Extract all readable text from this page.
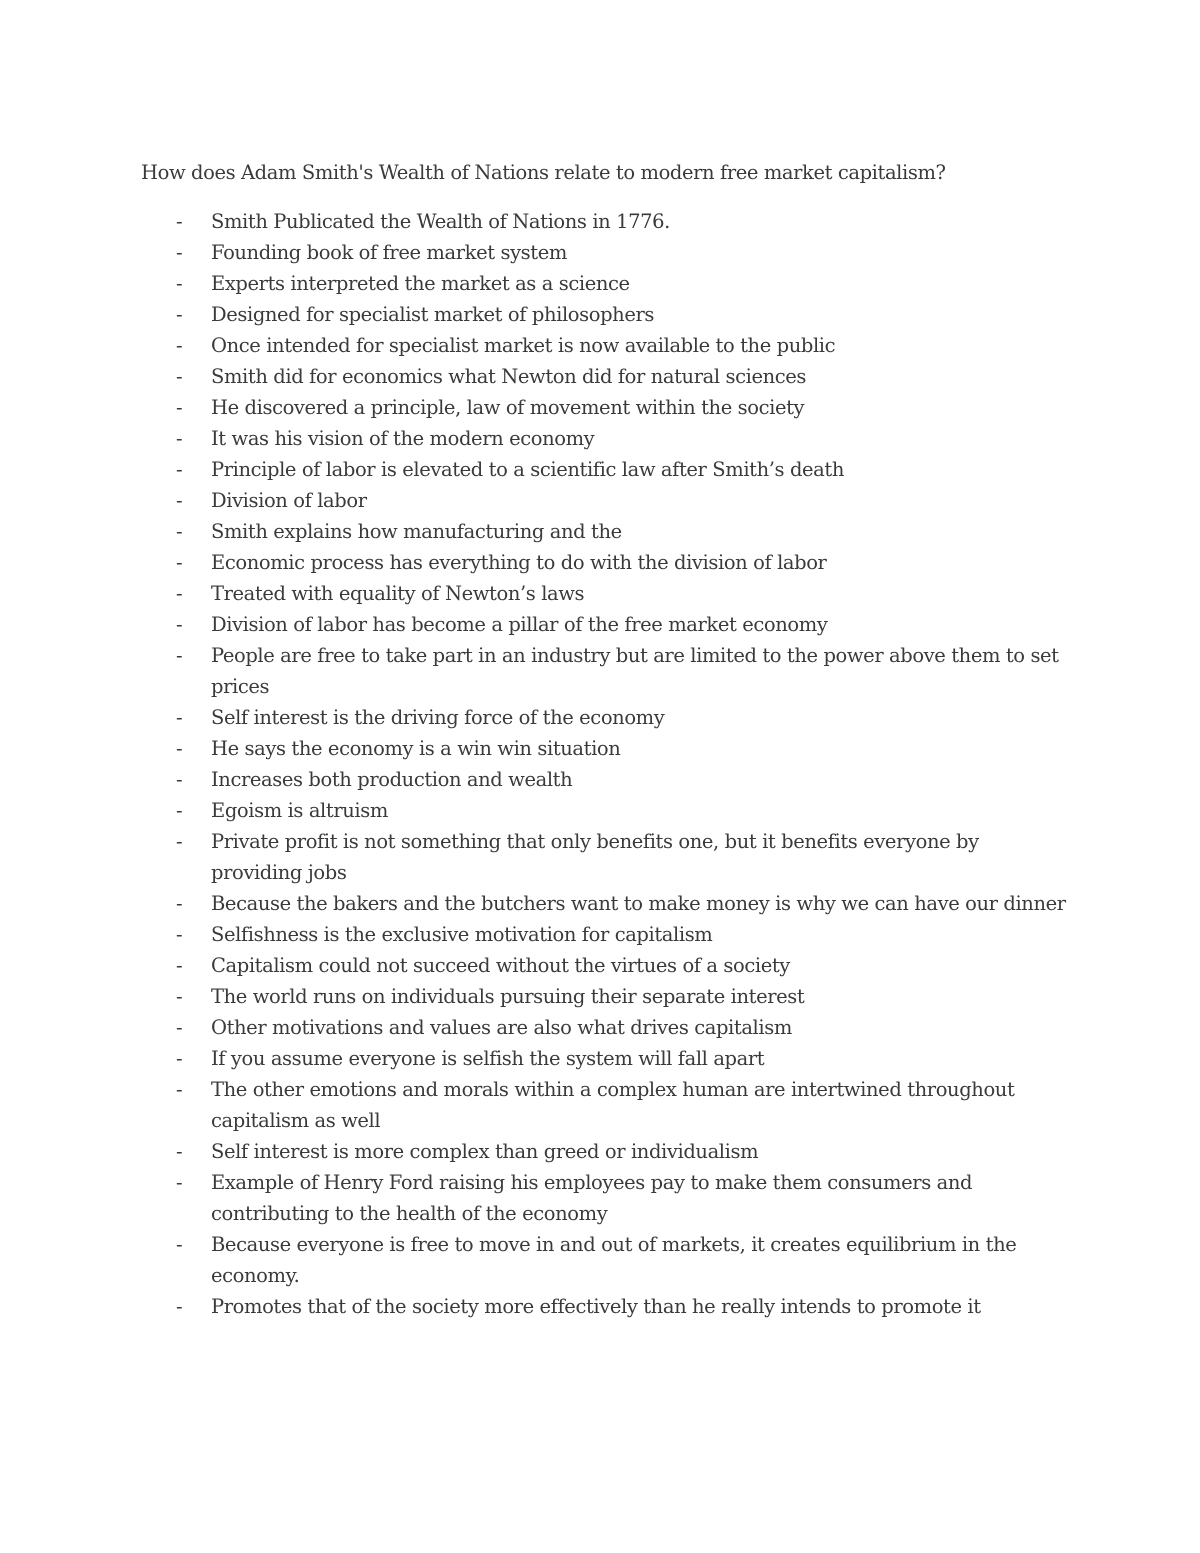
How does Adam Smith's Wealth of Nations relate to modern free market capitalism?

- Smith Publicated the Wealth of Nations in 1776.
- Founding book of free market system
- Experts interpreted the market as a science
- Designed for specialist market of philosophers
- Once intended for specialist market is now available to the public
- Smith did for economics what Newton did for natural sciences
- He discovered a principle, law of movement within the society
- It was his vision of the modern economy
- Principle of labor is elevated to a scientific law after Smith’s death
- Division of labor
- Smith explains how manufacturing and the
- Economic process has everything to do with the division of labor
- Treated with equality of Newton’s laws
- Division of labor has become a pillar of the free market economy
- People are free to take part in an industry but are limited to the power above them to set prices
- Self interest is the driving force of the economy
- He says the economy is a win win situation
- Increases both production and wealth
- Egoism is altruism
- Private profit is not something that only benefits one, but it benefits everyone by providing jobs
- Because the bakers and the butchers want to make money is why we can have our dinner
- Selfishness is the exclusive motivation for capitalism
- Capitalism could not succeed without the virtues of a society
- The world runs on individuals pursuing their separate interest
- Other motivations and values are also what drives capitalism
- If you assume everyone is selfish the system will fall apart
- The other emotions and morals within a complex human are intertwined throughout capitalism as well
- Self interest is more complex than greed or individualism
- Example of Henry Ford raising his employees pay to make them consumers and contributing to the health of the economy
- Because everyone is free to move in and out of markets, it creates equilibrium in the economy.
- Promotes that of the society more effectively than he really intends to promote it
